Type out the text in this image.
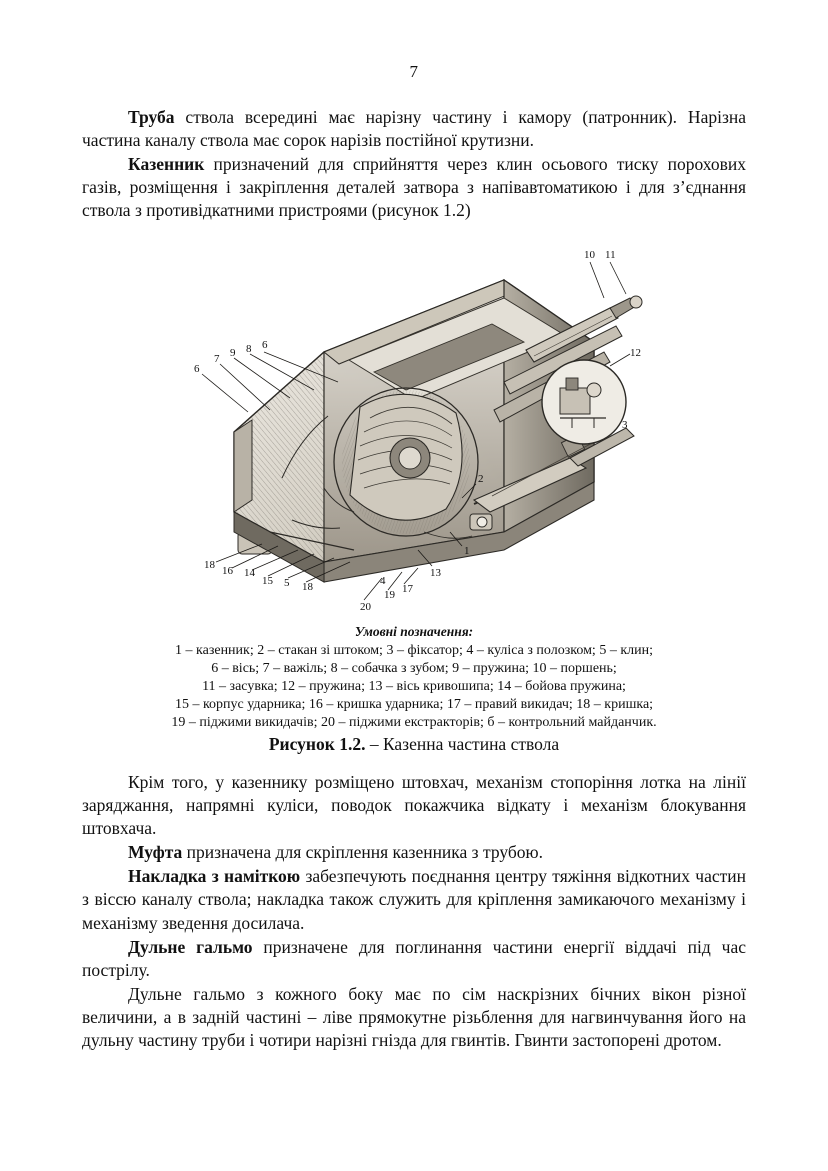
7

Труба ствола всередині має нарізну частину і камору (патронник). Нарізна частина каналу ствола має сорок нарізів постійної крутизни.

Казенник призначений для сприйняття через клин осьового тиску порохових газів, розміщення і закріплення деталей затвора з напівавтоматикою і для з’єднання ствола з противідкатними пристроями (рисунок 1.2)

10 11
12
6
7 9 8 6
2
3
1
13
18 16 14
15 5 18
20
19 17
4
Умовні позначення:
1 – казенник; 2 – стакан зі штоком; 3 – фіксатор; 4 – куліса з полозком; 5 – клин;
6 – вісь; 7 – важіль; 8 – собачка з зубом; 9 – пружина; 10 – поршень;
11 – засувка; 12 – пружина; 13 – вісь кривошипа; 14 – бойова пружина;
15 – корпус ударника; 16 – кришка ударника; 17 – правий викидач; 18 – кришка;
19 – піджими викидачів; 20 – піджими екстракторів; б – контрольний майданчик.
Рисунок 1.2. – Казенна частина ствола

Крім того, у казеннику розміщено штовхач, механізм стопоріння лотка на лінії заряджання, напрямні куліси, поводок покажчика відкату і механізм блокування штовхача.

Муфта призначена для скріплення казенника з трубою.

Накладка з наміткою забезпечують поєднання центру тяжіння відкотних частин з віссю каналу ствола; накладка також служить для кріплення замикаючого механізму і механізму зведення досилача.

Дульне гальмо призначене для поглинання частини енергії віддачі під час пострілу.

Дульне гальмо з кожного боку має по сім наскрізних бічних вікон різної величини, а в задній частині – ліве прямокутне різьблення для нагвинчування його на дульну частину труби і чотири нарізні гнізда для гвинтів. Гвинти застопорені дротом.
